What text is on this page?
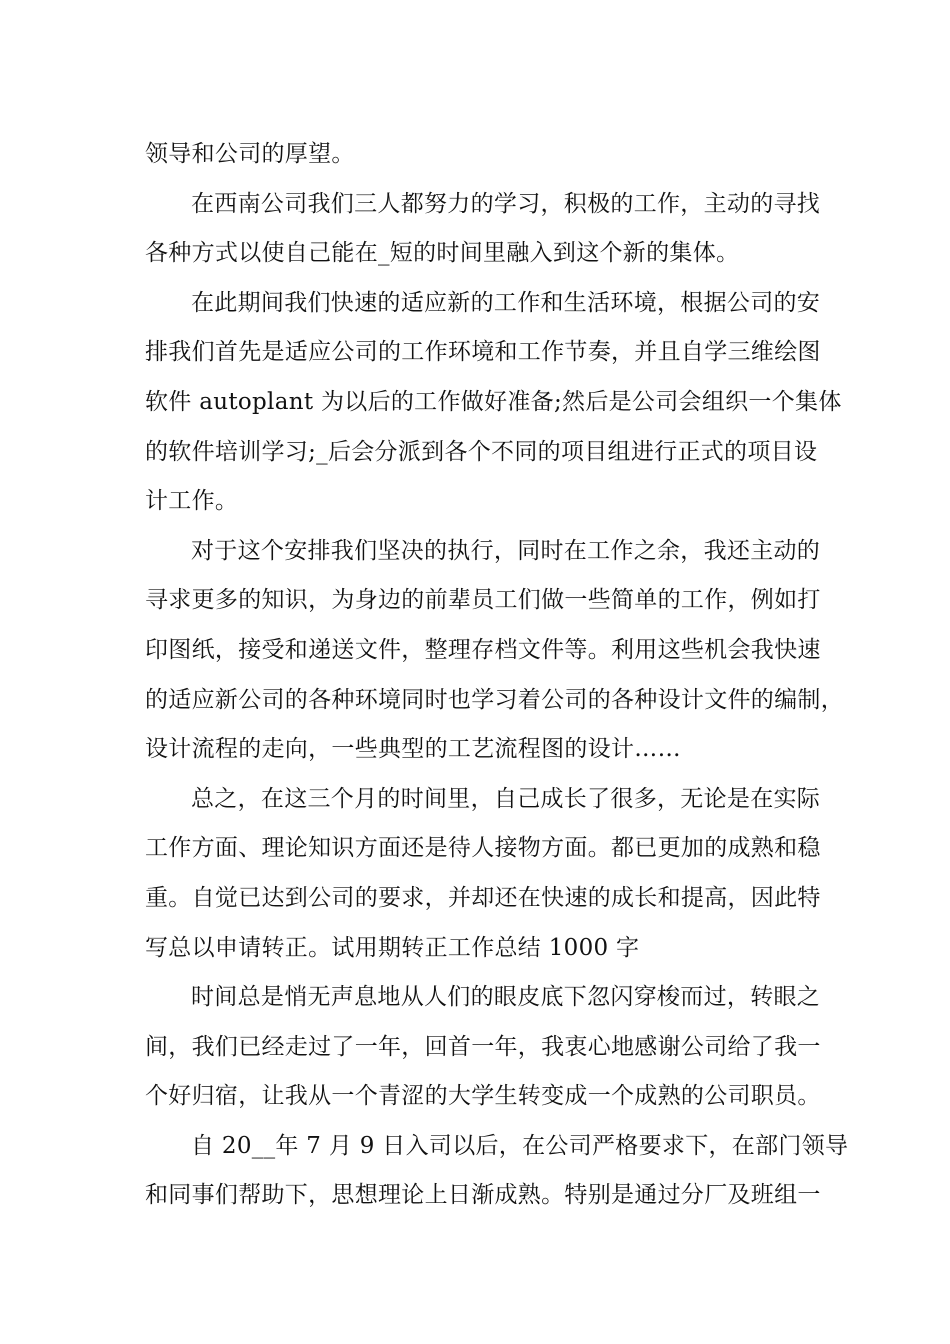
领导和公司的厚望。
在西南公司我们三人都努力的学习，积极的工作，主动的寻找
各种方式以使自己能在_短的时间里融入到这个新的集体。
在此期间我们快速的适应新的工作和生活环境，根据公司的安
排我们首先是适应公司的工作环境和工作节奏，并且自学三维绘图
软件 autoplant 为以后的工作做好准备;然后是公司会组织一个集体
的软件培训学习;_后会分派到各个不同的项目组进行正式的项目设
计工作。
对于这个安排我们坚决的执行，同时在工作之余，我还主动的
寻求更多的知识，为身边的前辈员工们做一些简单的工作，例如打
印图纸，接受和递送文件，整理存档文件等。利用这些机会我快速
的适应新公司的各种环境同时也学习着公司的各种设计文件的编制，
设计流程的走向，一些典型的工艺流程图的设计……
总之，在这三个月的时间里，自己成长了很多，无论是在实际
工作方面、理论知识方面还是待人接物方面。都已更加的成熟和稳
重。自觉已达到公司的要求，并却还在快速的成长和提高，因此特
写总以申请转正。试用期转正工作总结 1000 字
时间总是悄无声息地从人们的眼皮底下忽闪穿梭而过，转眼之
间，我们已经走过了一年，回首一年，我衷心地感谢公司给了我一
个好归宿，让我从一个青涩的大学生转变成一个成熟的公司职员。
自 20__年 7 月 9 日入司以后，在公司严格要求下，在部门领导
和同事们帮助下，思想理论上日渐成熟。特别是通过分厂及班组一
